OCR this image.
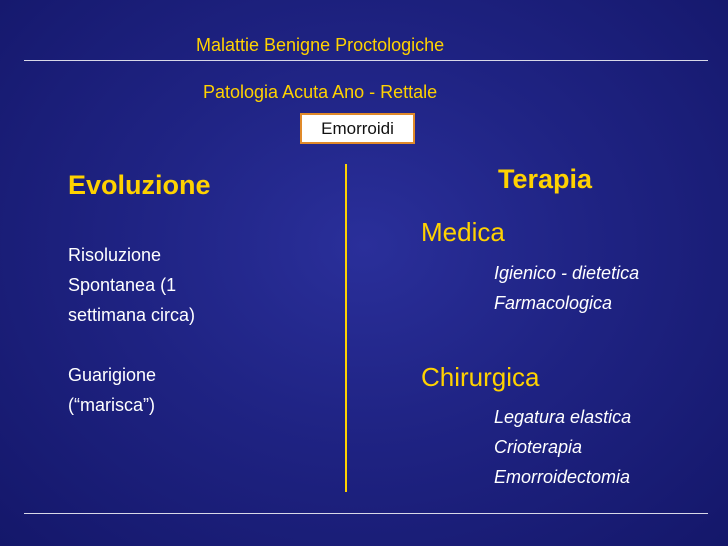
Malattie Benigne Proctologiche
Patologia Acuta Ano - Rettale
Emorroidi
Evoluzione
Risoluzione
Spontanea (1
settimana circa)

Guarigione
(“marisca”)
Terapia
Medica
Igienico - dietetica
Farmacologica
Chirurgica
Legatura elastica
Crioterapia
Emorroidectomia
